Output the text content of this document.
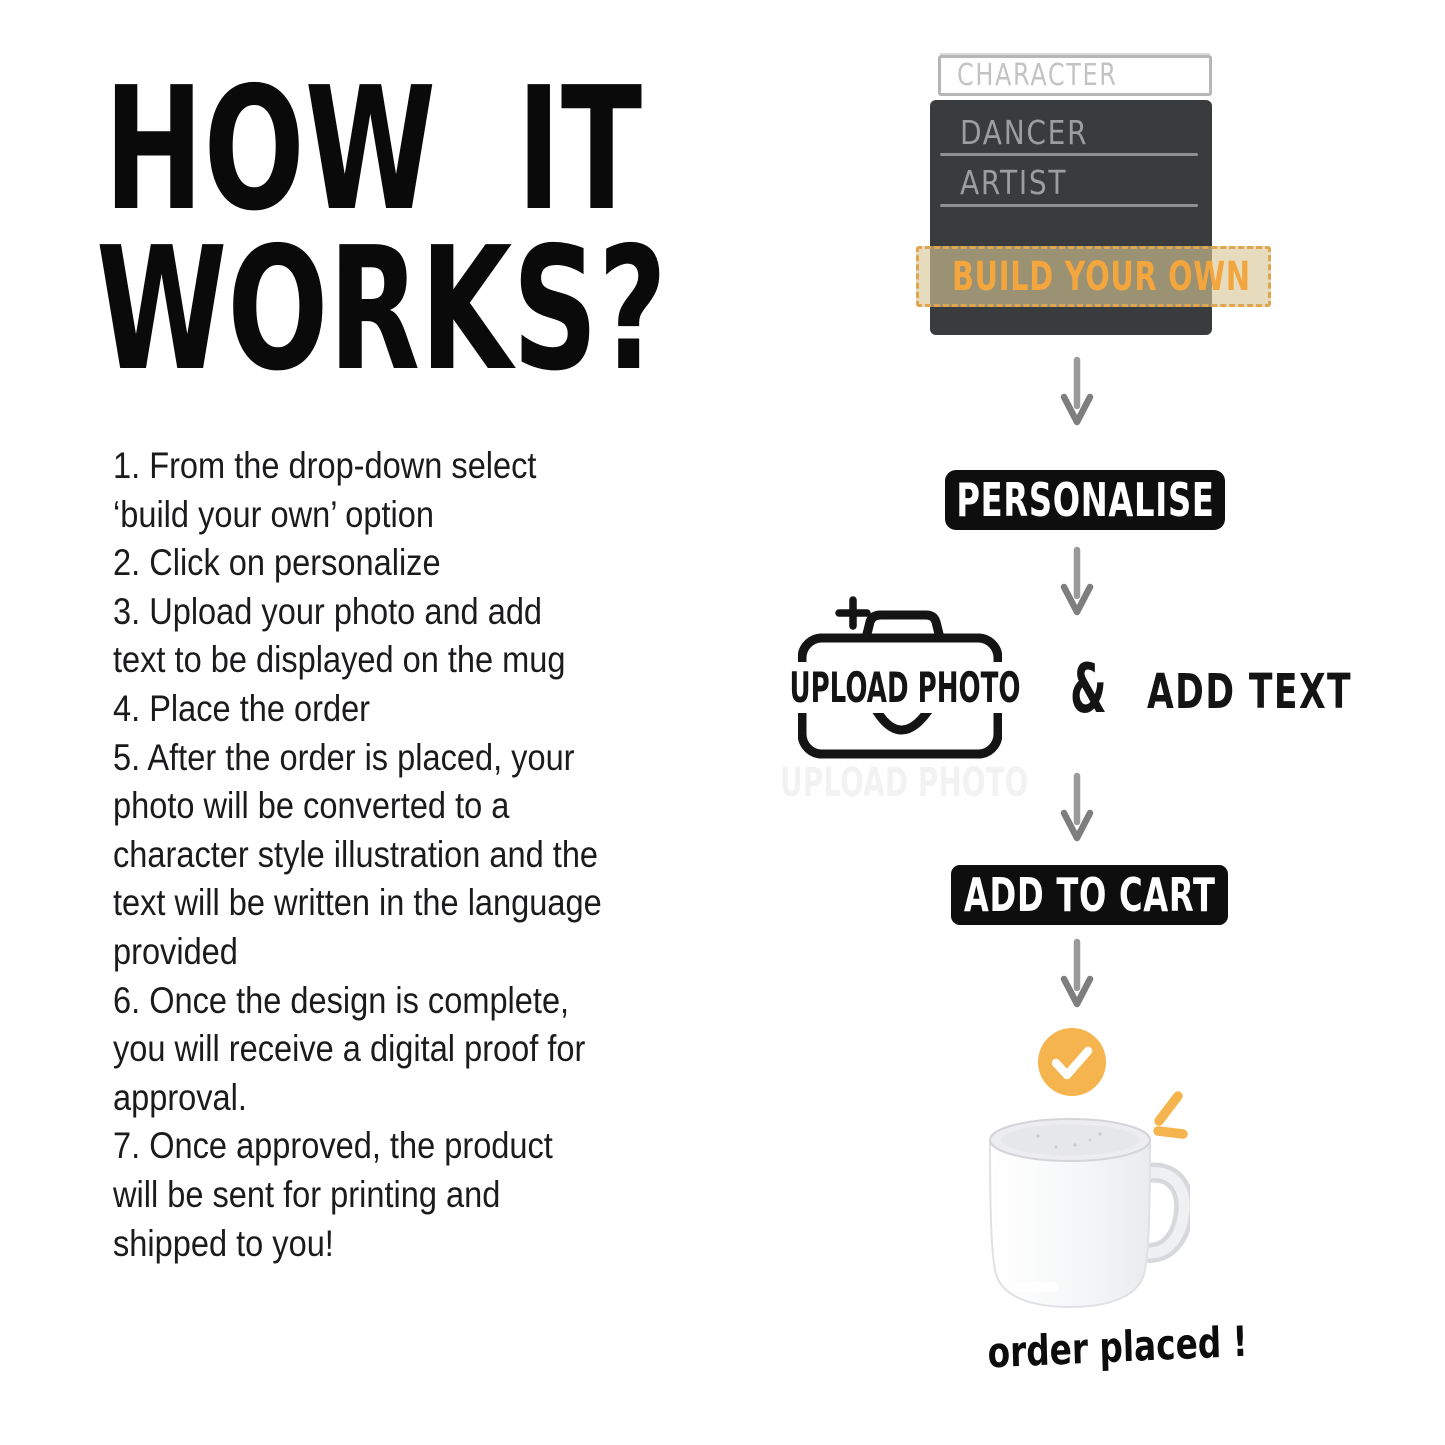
HOW IT
WORKS?
1. From the drop-down select
‘build your own’ option
2. Click on personalize
3. Upload your photo and add
text to be displayed on the mug
4. Place the order
5. After the order is placed, your
photo will be converted to a
character style illustration and the
text will be written in the language
provided
6. Once the design is complete,
you will receive a digital proof for
approval.
7. Once approved, the product
will be sent for printing and
shipped to you!
CHARACTER
DANCER
ARTIST
BUILD YOUR OWN
PERSONALISE
UPLOAD PHOTO
UPLOAD PHOTO & ADD TEXT
ADD TO CART
order placed !
